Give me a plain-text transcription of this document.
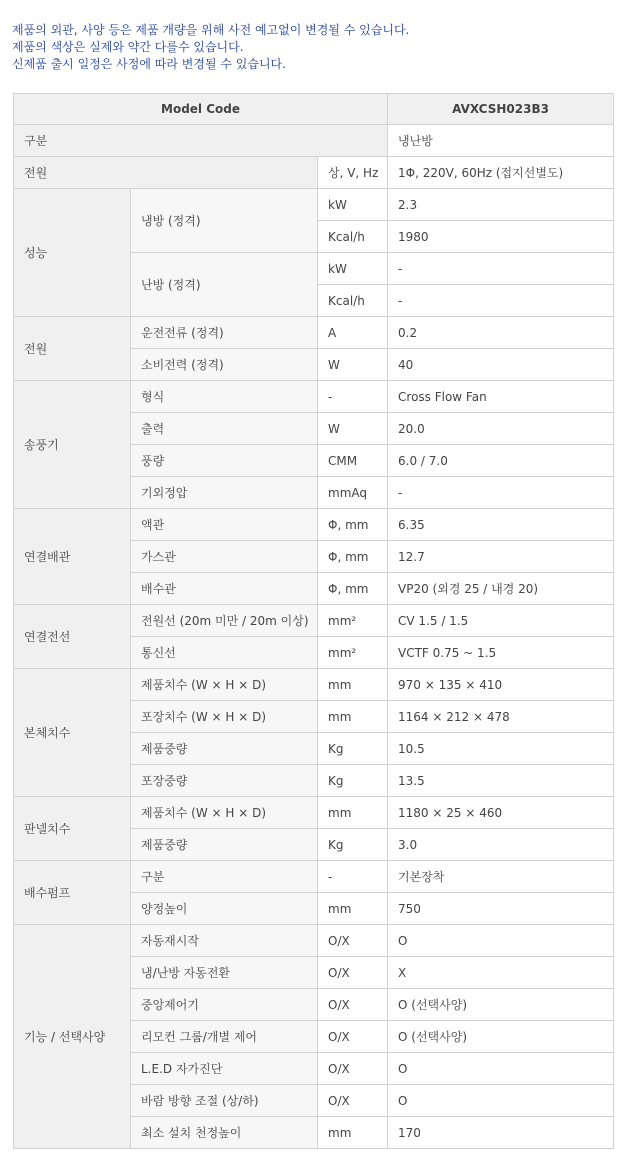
제품의 외관, 사양 등은 제품 개량을 위해 사전 예고없이 변경될 수 있습니다.
제품의 색상은 실제와 약간 다를수 있습니다.
신제품 출시 일정은 사정에 따라 변경될 수 있습니다.
Model Code			AVXCSH023B3
구분			냉난방
전원		상, V, Hz	1Φ, 220V, 60Hz (접지선별도)
성능	냉방 (정격)	kW	2.3
		Kcal/h	1980
	난방 (정격)	kW	-
		Kcal/h	-
전원	운전전류 (정격)	A	0.2
	소비전력 (정격)	W	40
송풍기	형식	-	Cross Flow Fan
	출력	W	20.0
	풍량	CMM	6.0 / 7.0
	기외정압	mmAq	-
연결배관	액관	Φ, mm	6.35
	가스관	Φ, mm	12.7
	배수관	Φ, mm	VP20 (외경 25 / 내경 20)
연결전선	전원선 (20m 미만 / 20m 이상)	mm²	CV 1.5 / 1.5
	통신선	mm²	VCTF 0.75 ~ 1.5
본체치수	제품치수 (W × H × D)	mm	970 × 135 × 410
	포장치수 (W × H × D)	mm	1164 × 212 × 478
	제품중량	Kg	10.5
	포장중량	Kg	13.5
판넬치수	제품치수 (W × H × D)	mm	1180 × 25 × 460
	제품중량	Kg	3.0
배수펌프	구분	-	기본장착
	양정높이	mm	750
기능 / 선택사양	자동재시작	O/X	O
	냉/난방 자동전환	O/X	X
	중앙제어기	O/X	O (선택사양)
	리모컨 그룹/개별 제어	O/X	O (선택사양)
	L.E.D 자가진단	O/X	O
	바람 방향 조절 (상/하)	O/X	O
	최소 설치 천정높이	mm	170
